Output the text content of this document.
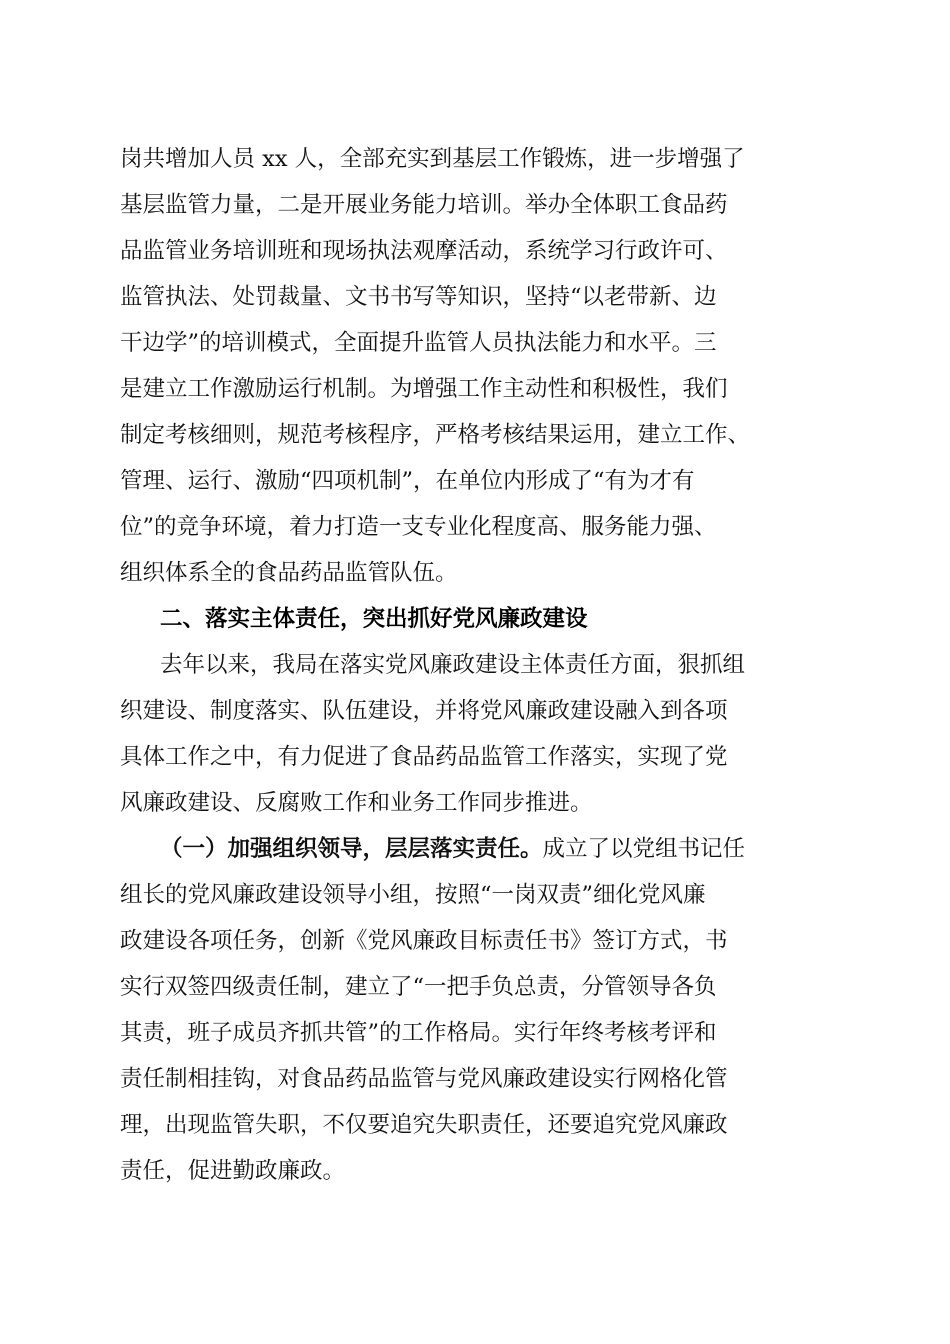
岗共增加人员 xx 人，全部充实到基层工作锻炼，进一步增强了
基层监管力量，二是开展业务能力培训。举办全体职工食品药
品监管业务培训班和现场执法观摩活动，系统学习行政许可、
监管执法、处罚裁量、文书书写等知识，坚持“以老带新、边
干边学”的培训模式，全面提升监管人员执法能力和水平。三
是建立工作激励运行机制。为增强工作主动性和积极性，我们
制定考核细则，规范考核程序，严格考核结果运用，建立工作、
管理、运行、激励“四项机制”，在单位内形成了“有为才有
位”的竞争环境，着力打造一支专业化程度高、服务能力强、
组织体系全的食品药品监管队伍。
二、落实主体责任，突出抓好党风廉政建设
去年以来，我局在落实党风廉政建设主体责任方面，狠抓组
织建设、制度落实、队伍建设，并将党风廉政建设融入到各项
具体工作之中，有力促进了食品药品监管工作落实，实现了党
风廉政建设、反腐败工作和业务工作同步推进。
（一）加强组织领导，层层落实责任。成立了以党组书记任
组长的党风廉政建设领导小组，按照“一岗双责”细化党风廉
政建设各项任务，创新《党风廉政目标责任书》签订方式，书
实行双签四级责任制，建立了“一把手负总责，分管领导各负
其责，班子成员齐抓共管”的工作格局。实行年终考核考评和
责任制相挂钩，对食品药品监管与党风廉政建设实行网格化管
理，出现监管失职，不仅要追究失职责任，还要追究党风廉政
责任，促进勤政廉政。
